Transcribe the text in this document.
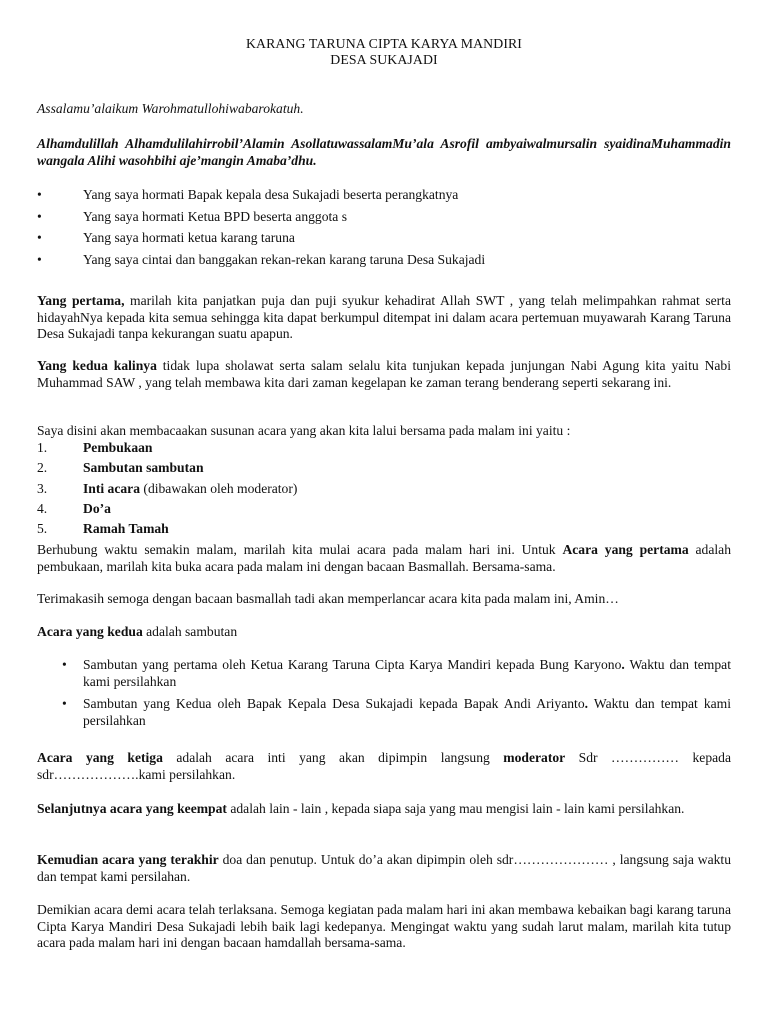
KARANG TARUNA CIPTA KARYA MANDIRI
DESA SUKAJADI
Assalamu’alaikum Warohmatullohiwabarokatuh.
Alhamdulillah Alhamdulilahirrobil’Alamin AsollatuwassalamMu’ala Asrofil ambyaiwalmursalin syaidinaMuhammadin wangala Alihi wasohbihi aje’mangin Amaba’dhu.
•	Yang saya hormati Bapak kepala desa Sukajadi beserta perangkatnya
•	Yang saya hormati Ketua BPD beserta anggota s
•	Yang saya hormati ketua karang taruna
•	Yang saya cintai dan banggakan rekan-rekan karang taruna Desa Sukajadi
Yang pertama, marilah kita panjatkan puja dan puji syukur kehadirat Allah SWT , yang telah melimpahkan rahmat serta hidayahNya kepada kita semua sehingga kita dapat berkumpul ditempat ini dalam acara pertemuan muyawarah Karang Taruna Desa Sukajadi tanpa kekurangan suatu apapun.
Yang kedua kalinya tidak lupa sholawat serta salam selalu kita tunjukan kepada junjungan Nabi Agung kita yaitu Nabi Muhammad SAW , yang telah membawa kita dari zaman kegelapan ke zaman terang benderang seperti sekarang ini.
Saya disini akan membacaakan susunan acara yang akan kita lalui bersama pada malam ini yaitu :
1.	Pembukaan
2.	Sambutan sambutan
3.	Inti acara (dibawakan oleh moderator)
4.	Do’a
5.	Ramah Tamah
Berhubung waktu semakin malam, marilah kita mulai acara pada malam hari ini. Untuk Acara yang pertama adalah pembukaan, marilah kita buka acara pada malam ini dengan bacaan Basmallah. Bersama-sama.
Terimakasih semoga dengan bacaan basmallah tadi akan memperlancar acara kita pada malam ini, Amin…
Acara yang kedua adalah sambutan
• Sambutan yang pertama oleh Ketua Karang Taruna Cipta Karya Mandiri kepada Bung Karyono. Waktu dan tempat kami persilahkan
• Sambutan yang Kedua oleh Bapak Kepala Desa Sukajadi kepada Bapak Andi Ariyanto. Waktu dan tempat kami persilahkan
Acara yang ketiga adalah acara inti yang akan dipimpin langsung moderator Sdr …………… kepada sdr……………….kami persilahkan.
Selanjutnya acara yang keempat adalah lain - lain , kepada siapa saja yang mau mengisi lain - lain kami persilahkan.
Kemudian acara yang terakhir doa dan penutup. Untuk do’a akan dipimpin oleh sdr………………… , langsung saja waktu dan tempat kami persilahan.
Demikian acara demi acara telah terlaksana. Semoga kegiatan pada malam hari ini akan membawa kebaikan bagi karang taruna Cipta Karya Mandiri Desa Sukajadi lebih baik lagi kedepanya. Mengingat waktu yang sudah larut malam, marilah kita tutup acara pada malam hari ini dengan bacaan hamdallah bersama-sama.
